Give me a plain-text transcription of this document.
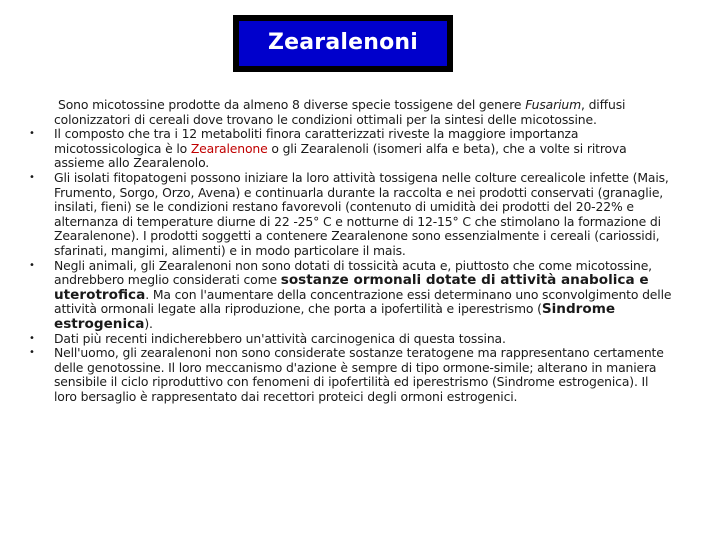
Zearalenoni

Sono micotossine prodotte da almeno 8 diverse specie tossigene del genere Fusarium, diffusi colonizzatori di cereali dove trovano le condizioni ottimali per la sintesi delle micotossine.

• Il composto che tra i 12 metaboliti finora caratterizzati riveste la maggiore importanza micotossicologica è lo Zearalenone o gli Zearalenoli (isomeri alfa e beta), che a volte si ritrova assieme allo Zearalenolo.
• Gli isolati fitopatogeni possono iniziare la loro attività tossigena nelle colture cerealicole infette (Mais, Frumento, Sorgo, Orzo, Avena) e continuarla durante la raccolta e nei prodotti conservati (granaglie, insilati, fieni) se le condizioni restano favorevoli (contenuto di umidità dei prodotti del 20-22% e alternanza di temperature diurne di 22 -25° C e notturne di 12-15° C che stimolano la formazione di Zearalenone). I prodotti soggetti a contenere Zearalenone sono essenzialmente i cereali (cariossidi, sfarinati, mangimi, alimenti) e in modo particolare il mais.
• Negli animali, gli Zearalenoni non sono dotati di tossicità acuta e, piuttosto che come micotossine, andrebbero meglio considerati come sostanze ormonali dotate di attività anabolica e uterotrofica. Ma con l'aumentare della concentrazione essi determinano uno sconvolgimento delle attività ormonali legate alla riproduzione, che porta a ipofertilità e iperestrismo (Sindrome estrogenica).
• Dati più recenti indicherebbero un'attività carcinogenica di questa tossina.
• Nell'uomo, gli zearalenoni non sono considerate sostanze teratogene ma rappresentano certamente delle genotossine. Il loro meccanismo d'azione è sempre di tipo ormone-simile; alterano in maniera sensibile il ciclo riproduttivo con fenomeni di ipofertilità ed iperestrismo (Sindrome estrogenica). Il loro bersaglio è rappresentato dai recettori proteici degli ormoni estrogenici.
